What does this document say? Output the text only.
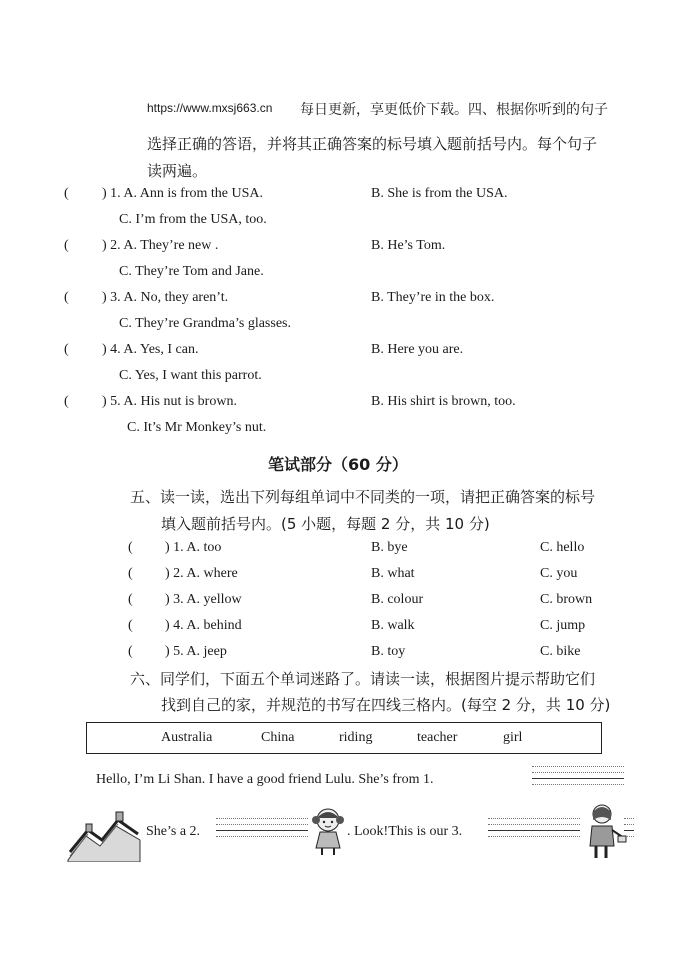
https://www.mxsj663.cn 每日更新，享更低价下载。四、根据你听到的句子
选择正确的答语，并将其正确答案的标号填入题前括号内。每个句子
读两遍。
( ) 1. A. Ann is from the USA.	B. She is from the USA.
C. I’m from the USA, too.
( ) 2. A. They’re new .	B. He’s Tom.
C. They’re Tom and Jane.
( ) 3. A. No, they aren’t.	B. They’re in the box.
C. They’re Grandma’s glasses.
( ) 4. A. Yes, I can.	B. Here you are.
C. Yes, I want this parrot.
( ) 5. A. His nut is brown.	B. His shirt is brown, too.
C. It’s Mr Monkey’s nut.
笔试部分（60 分）
五、读一读，选出下列每组单词中不同类的一项，请把正确答案的标号
填入题前括号内。(5 小题，每题 2 分，共 10 分)
( ) 1. A. too	B. bye	C. hello
( ) 2. A. where	B. what	C. you
( ) 3. A. yellow	B. colour	C. brown
( ) 4. A. behind	B. walk	C. jump
( ) 5. A. jeep	B. toy	C. bike
六、同学们，下面五个单词迷路了。请读一读，根据图片提示帮助它们
找到自己的家，并规范的书写在四线三格内。(每空 2 分，共 10 分)
Australia	China	riding	teacher	girl
Hello, I’m Li Shan. I have a good friend Lulu. She’s from 1.
She’s a 2.	. Look!This is our 3.
